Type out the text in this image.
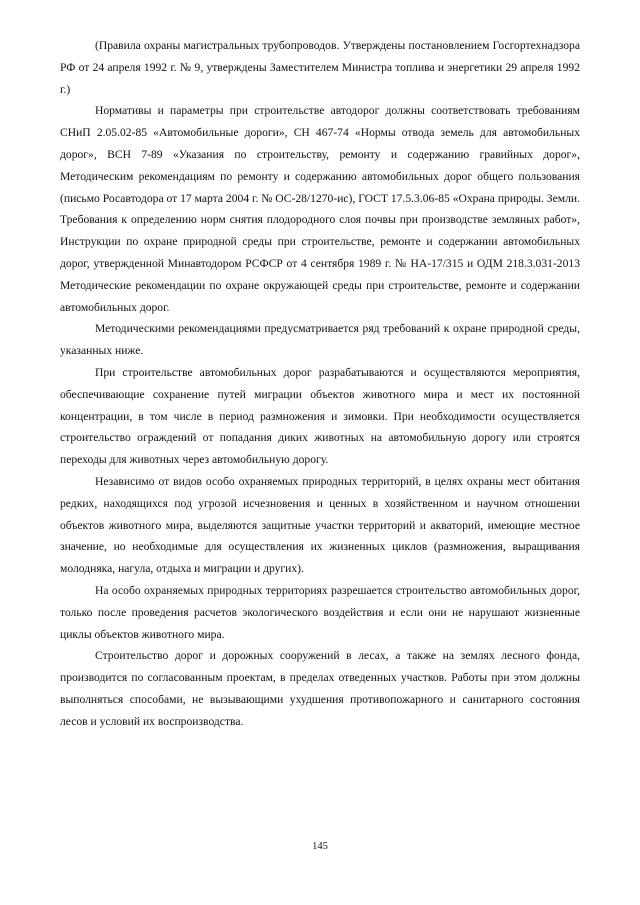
(Правила охраны магистральных трубопроводов. Утверждены постановлением Госгортехнадзора РФ от 24 апреля 1992 г. № 9, утверждены Заместителем Министра топлива и энергетики 29 апреля 1992 г.)

Нормативы и параметры при строительстве автодорог должны соответствовать требованиям СНиП 2.05.02-85 «Автомобильные дороги», СН 467-74 «Нормы отвода земель для автомобильных дорог», ВСН 7-89 «Указания по строительству, ремонту и содержанию гравийных дорог», Методическим рекомендациям по ремонту и содержанию автомобильных дорог общего пользования (письмо Росавтодора от 17 марта 2004 г. № ОС-28/1270-ис), ГОСТ 17.5.3.06-85 «Охрана природы. Земли. Требования к определению норм снятия плодородного слоя почвы при производстве земляных работ», Инструкции по охране природной среды при строительстве, ремонте и содержании автомобильных дорог, утвержденной Минавтодором РСФСР от 4 сентября 1989 г. № НА-17/315 и ОДМ 218.3.031-2013 Методические рекомендации по охране окружающей среды при строительстве, ремонте и содержании автомобильных дорог.

Методическими рекомендациями предусматривается ряд требований к охране природной среды, указанных ниже.

При строительстве автомобильных дорог разрабатываются и осуществляются мероприятия, обеспечивающие сохранение путей миграции объектов животного мира и мест их постоянной концентрации, в том числе в период размножения и зимовки. При необходимости осуществляется строительство ограждений от попадания диких животных на автомобильную дорогу или строятся переходы для животных через автомобильную дорогу.

Независимо от видов особо охраняемых природных территорий, в целях охраны мест обитания редких, находящихся под угрозой исчезновения и ценных в хозяйственном и научном отношении объектов животного мира, выделяются защитные участки территорий и акваторий, имеющие местное значение, но необходимые для осуществления их жизненных циклов (размножения, выращивания молодняка, нагула, отдыха и миграции и других).

На особо охраняемых природных территориях разрешается строительство автомобильных дорог, только после проведения расчетов экологического воздействия и если они не нарушают жизненные циклы объектов животного мира.

Строительство дорог и дорожных сооружений в лесах, а также на землях лесного фонда, производится по согласованным проектам, в пределах отведенных участков. Работы при этом должны выполняться способами, не вызывающими ухудшения противопожарного и санитарного состояния лесов и условий их воспроизводства.

145
